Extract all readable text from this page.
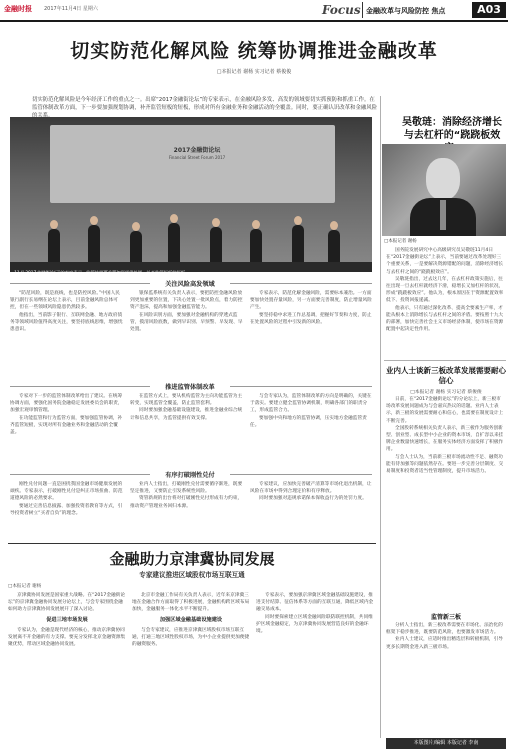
金融时报 2017年11月4日 星期六	Focus 金融改革与风险防控 焦点	A03
切实防范化解风险 统筹协调推进金融改革
□本报记者 谢杨 实习记者 蔡俊俊
切实防范化解风险是今年经济工作的重点之一。出席“2017金融街论坛”的专家表示，在金融风险多发、高发的领域要切实抓预防和抓重工作。在监管体制改革方面，下一步要加强规划协调，补齐监管短板的短板，形成对所有金融业务和金融活动的全覆盖。同时，要正确认识改革和金融风险
2017金融街论坛
Financial Street Forum 2017
11月 2017金融街论坛”的专家表示，监管协调要求要加强规律协调，补齐监管短板的短板。
吴敬琏：消除经济增长与去杠杆的“跷跷板效
□本报记者 谢杨

国务院发展研究中心高级研究员吴敬琏11月4日在“2017金融街论坛”上表示，当前要通过改革处理好三个重要关系，一是要解决资源错配的问题，消除经济增长与去杠杆之间的“跷跷板效应”。

吴敬琏指出，过去这几年，在去杠杆政策实施后，往往出现一旦去杠杆就经济下滑，稳增长又加杠杆的状况，形成“跷跷板效应”。他认为，根本原因在于资源配置效率低下、投资回报递减。

他表示，只有通过深化改革、提高全要素生产率，才能从根本上消除增长与去杠杆之间的矛盾。要按照十九大的部署，加快完善社会主义市场经济体制，使市场在资源配置中起决定性作用。

业内人士谈新三板改革发展需要耐心信心
□本报记者 谢杨 实习记者 蔡俊俊

日前，在“2017金融街论坛”的分论坛上，新三板市场改革发展问题成为与会嘉宾热议的话题。业内人士表示，新三板的发展需要耐心和信心，也需要在制度设计上不断完善。

全国股转系统相关负责人表示，新三板作为服务创新型、创业型、成长型中小企业的资本市场，自扩容以来挂牌企业数量快速增长，在服务实体经济方面发挥了积极作用。

与会人士认为，当前新三板市场流动性不足、融资功能有待加强等问题依然存在。要进一步完善分层制度、交易制度和投资者适当性管理制度，提升市场活力。

监管新三板

分析人士指出，新三板改革需要在市场化、法治化的框架下稳步推进，既要防范风险，也要激发市场活力。

业内人士建议，应适时推出精选层和转板机制，引导更多长期资金进入新三板市场。

关注风险高发领域

“防范风险，既是底线，也是防控风险。”中国人民银行副行长易纲在论坛上表示，目前金融风险总体可控，但在一些领域风险隐患仍然较多。

他指出，当前影子银行、互联网金融、地方政府债务等领域风险值得高度关注，要坚持底线思维，增强忧患意识。

银保监系统有关负责人表示，要把防控金融风险放到更加重要的位置，下决心处置一批风险点，着力防控资产泡沫，提高和加强金融监管能力。

在风险识别方面，要加强对金融机构的穿透式监管，摸清风险底数，做到早识别、早预警、早发现、早处置。

专家表示，防范化解金融风险，需要标本兼治。一方面要加快处置存量风险，另一方面要完善制度，防止增量风险产生。

要坚持稳中求进工作总基调，把握好节奏和力度，防止在处置风险的过程中引发新的风险。

推进监管体制改革

专家对下一步的监管体制改革给出了建议。在统筹协调方面，要强化国务院金融稳定发展委员会的职责，加强宏观审慎管理。

在功能监管和行为监管方面，要加强监管协调，补齐监管短板，实现对所有金融业务和金融活动的全覆盖。

在监管方式上，要从机构监管为主向功能监管为主转变，实现监管全覆盖，防止监管套利。

同时要加强金融基础设施建设，推进金融业综合统计和信息共享，为监管提供有效支撑。

与会专家认为，监管体制改革的方向是明确的，关键在于落实。要建立健全监管协调机制，明确各部门的职责分工，形成监管合力。

要加强中央和地方的监管协调，压实地方金融监管责任。

有序打破刚性兑付

刚性兑付问题一直是困扰我国金融市场健康发展的顽疾。专家表示，打破刚性兑付是纠正市场扭曲、防范道德风险的必然要求。

要通过完善信息披露、加强投资者教育等方式，引导投资者树立“买者自负”的理念。

业内人士指出，打破刚性兑付需要循序渐进，既要坚定推进，又要防止引发系统性风险。

资管新规的出台将对打破刚性兑付形成有力约束，推动资产管理业务回归本源。

专家建议，应加快完善破产清算等市场化退出机制，让风险在市场中得到合理定价和有序释放。

同时要加强对违规承诺保本保收益行为的处罚力度。

金融助力京津冀协同发展
专家建议推进区域股权市场互联互通
□本报记者 谢杨

京津冀协同发展是国家重大战略。在“2017金融街论坛”的京津冀金融协同发展分论坛上，与会专家围绕金融如何助力京津冀协同发展展开了深入讨论。

促进三地市场发展

专家认为，金融是现代经济的核心，推动京津冀协同发展离不开金融的有力支撑。要充分发挥北京金融资源集聚优势，带动区域金融协同发展。

北京市金融工作局有关负责人表示，近年来京津冀三地在金融合作方面取得了积极进展，金融机构跨区域布局加快，金融服务一体化水平不断提升。

加强区域金融基础设施建设

与会专家建议，应推进京津冀区域股权市场互联互通，打通三地区域性股权市场，为中小企业提供更加便捷的融资服务。

专家表示，要加强京津冀区域金融基础设施建设，推进支付结算、征信体系等方面的互联互通，降低区域内金融交易成本。

同时要探索建立区域金融风险联防联控机制，共同维护区域金融稳定，为京津冀协同发展营造良好的金融环境。

本版图片/编辑 本版记者 李南
